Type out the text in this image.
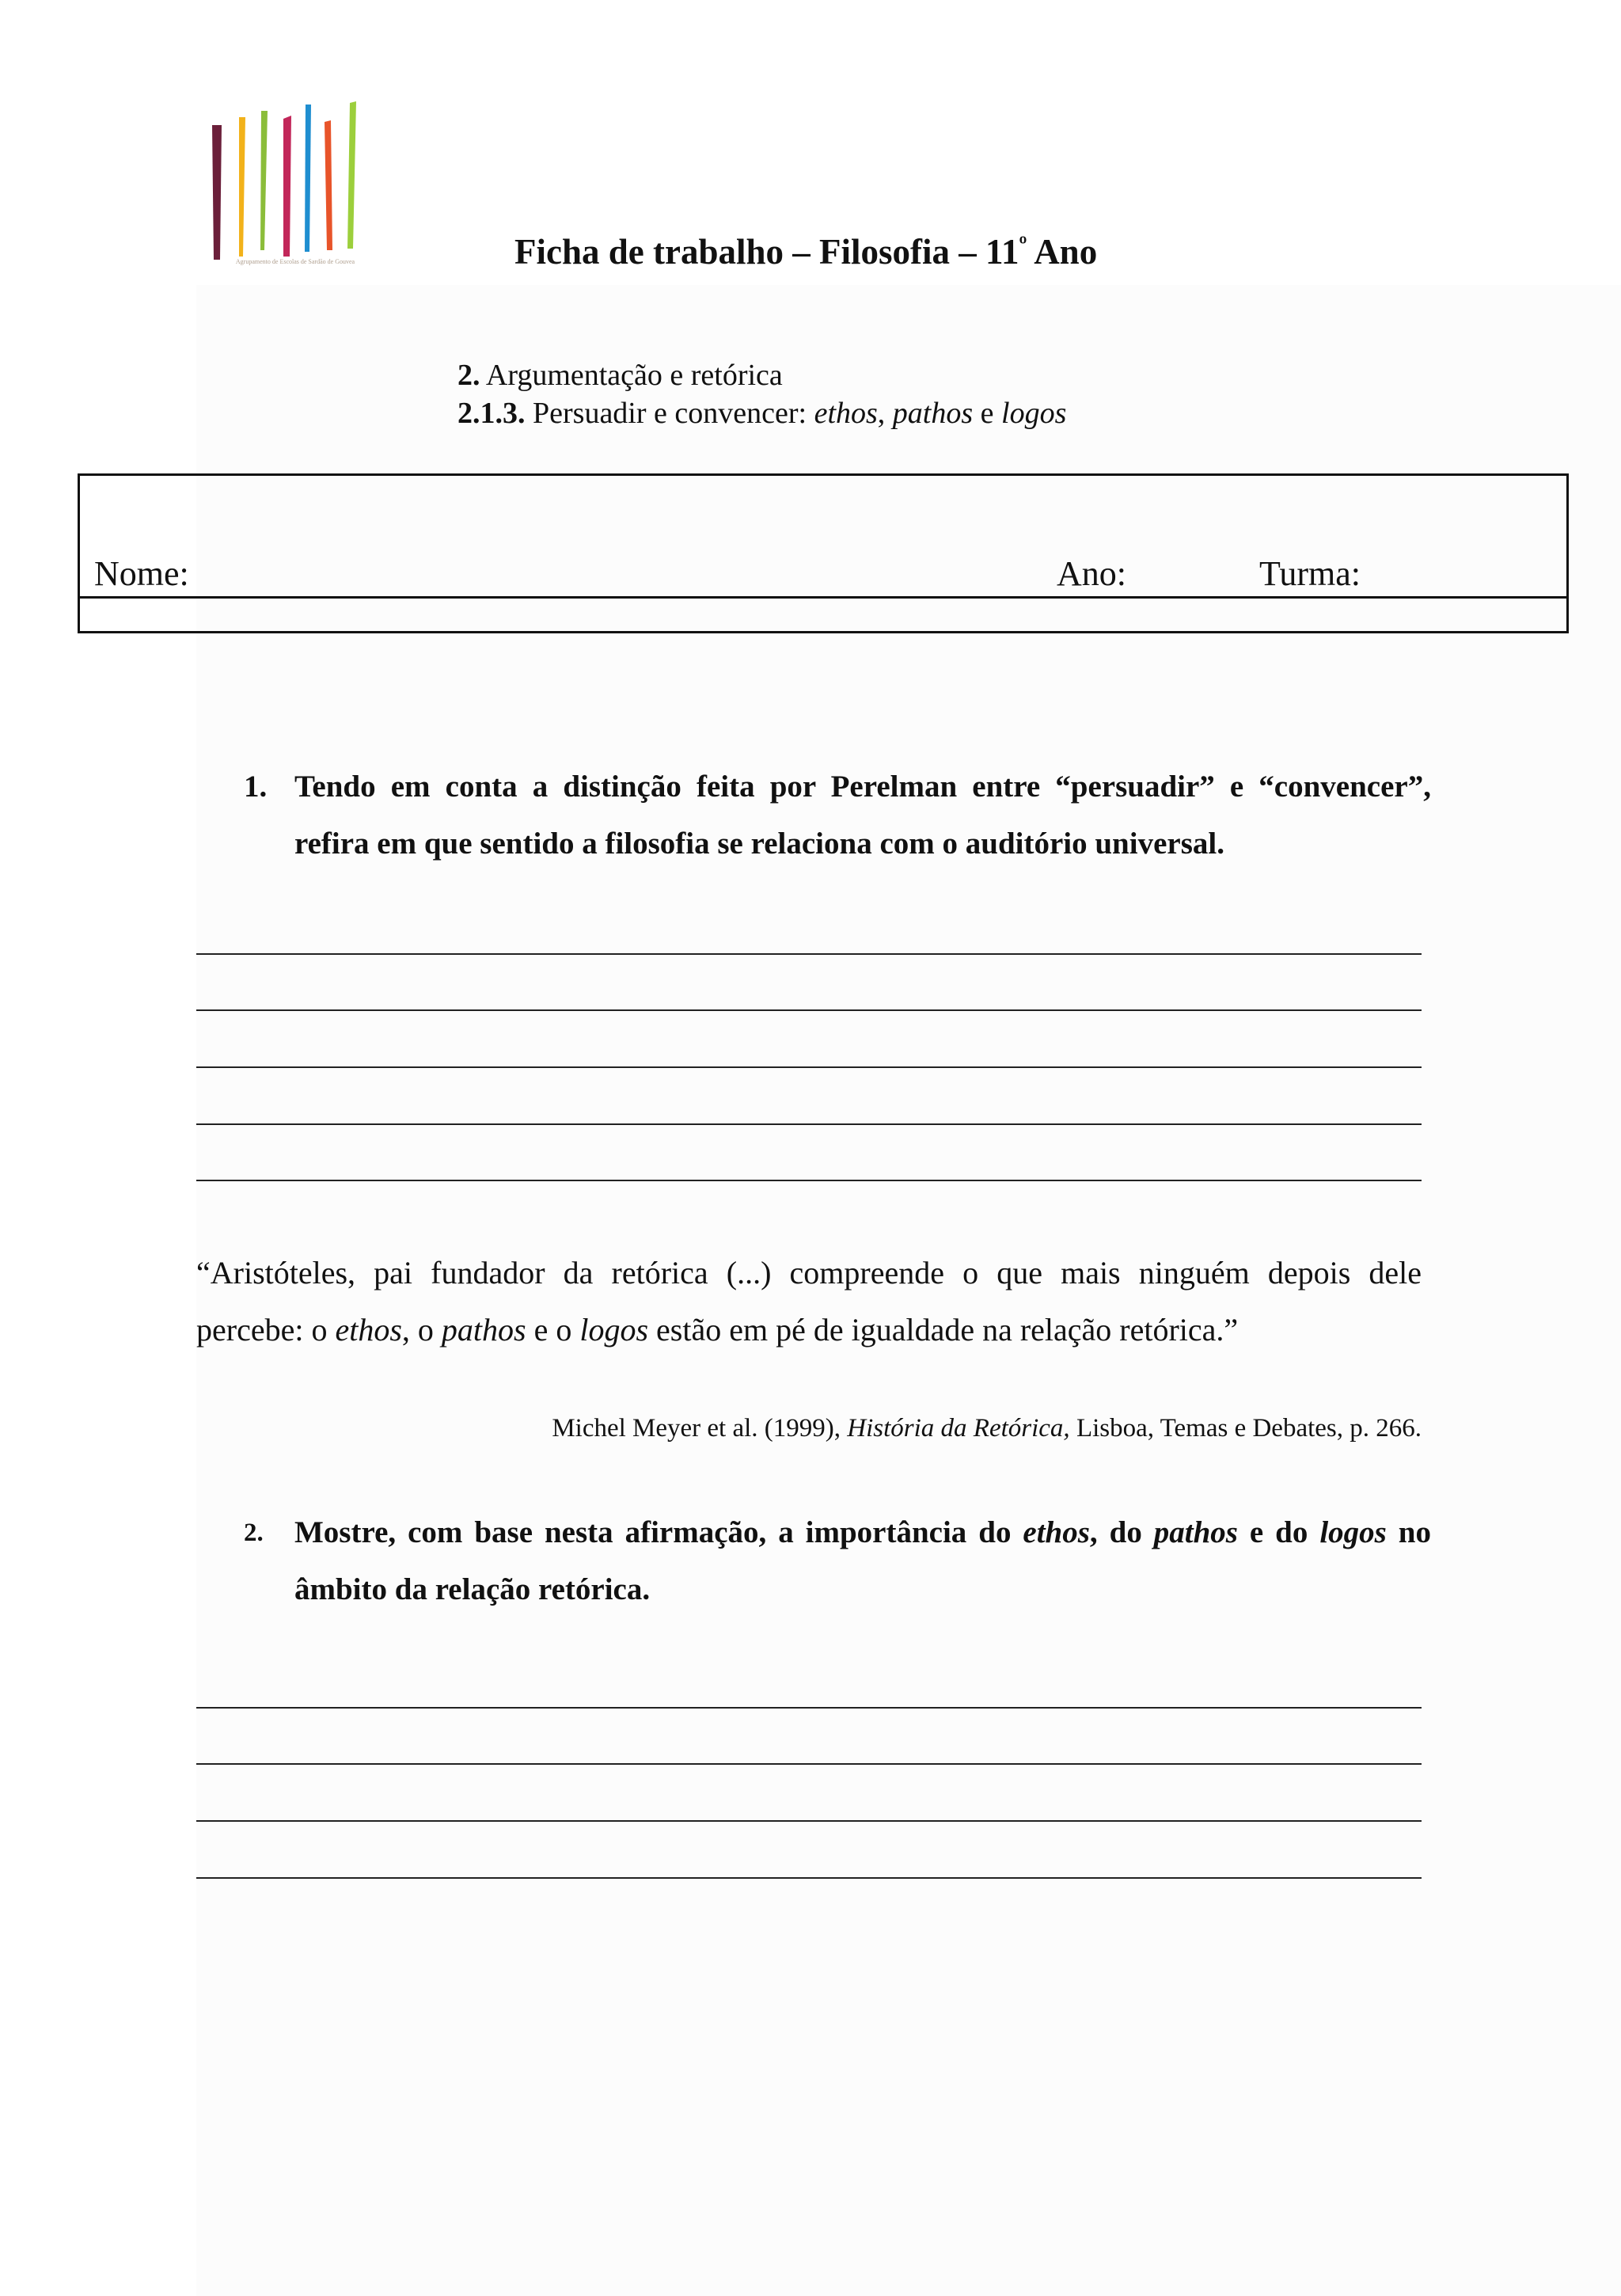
Agrupamento de Escolas de Sardão de Gouvea	Ficha de trabalho – Filosofia – $11^º$ Ano
2. Argumentação e retórica
2.1.3. Persuadir e convencer: ethos, pathos e logos
Nome:	Ano:	Turma:
1. Tendo em conta a distinção feita por Perelman entre “persuadir” e “convencer”, refira em que sentido a filosofia se relaciona com o auditório universal.
“Aristóteles, pai fundador da retórica (...) compreende o que mais ninguém depois dele
percebe: o ethos, o pathos e o logos estão em pé de igualdade na relação retórica.”
Michel Meyer et al. (1999), História da Retórica, Lisboa, Temas e Debates, p. 266.
2. Mostre, com base nesta afirmação, a importância do ethos, do pathos e do logos no âmbito da relação retórica.
